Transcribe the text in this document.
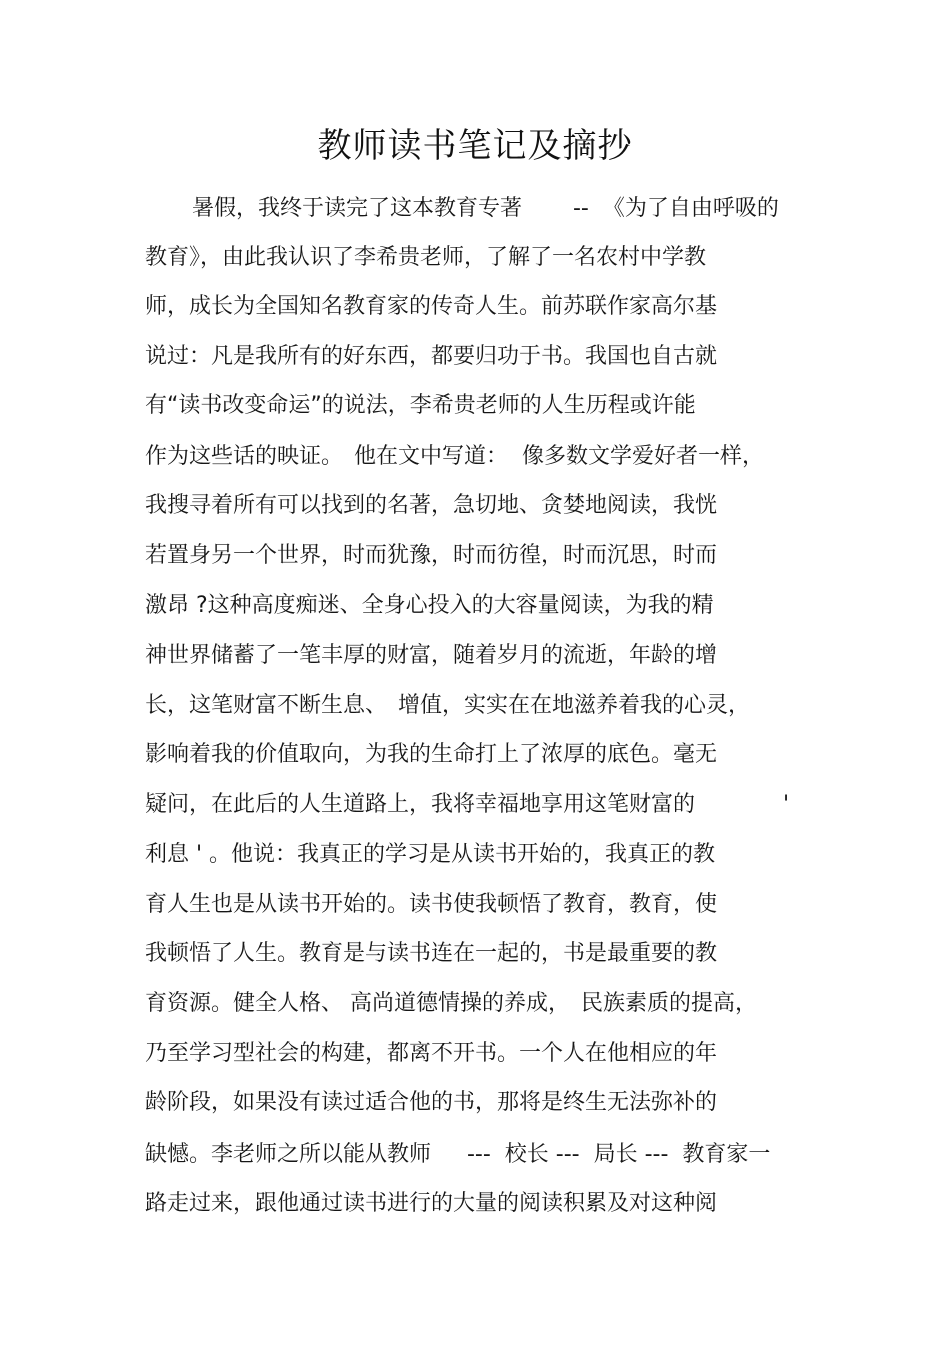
教师读书笔记及摘抄
暑假，我终于读完了这本教育专著　　 --  《为了自由呼吸的
教育》，由此我认识了李希贵老师，了解了一名农村中学教
师，成长为全国知名教育家的传奇人生。前苏联作家高尔基
说过：凡是我所有的好东西，都要归功于书。我国也自古就
有“读书改变命运”的说法，李希贵老师的人生历程或许能
作为这些话的映证。　他在文中写道：  像多数文学爱好者一样，
我搜寻着所有可以找到的名著，急切地、贪婪地阅读，我恍
若置身另一个世界，时而犹豫，时而彷徨，时而沉思，时而
激昂 ?这种高度痴迷、全身心投入的大容量阅读，为我的精
神世界储蓄了一笔丰厚的财富，随着岁月的流逝，年龄的增
长，这笔财富不断生息、　增值，实实在在地滋养着我的心灵，
影响着我的价值取向，为我的生命打上了浓厚的底色。毫无
疑问，在此后的人生道路上，我将幸福地享用这笔财富的　　　　'
利息 ' 。他说：我真正的学习是从读书开始的，我真正的教
育人生也是从读书开始的。读书使我顿悟了教育，教育，使
我顿悟了人生。教育是与读书连在一起的，书是最重要的教
育资源。健全人格、 高尚道德情操的养成，　民族素质的提高，
乃至学习型社会的构建，都离不开书。一个人在他相应的年
龄阶段，如果没有读过适合他的书，那将是终生无法弥补的
缺憾。李老师之所以能从教师　  ---  校长 ---  局长 ---  教育家一
路走过来，跟他通过读书进行的大量的阅读积累及对这种阅
